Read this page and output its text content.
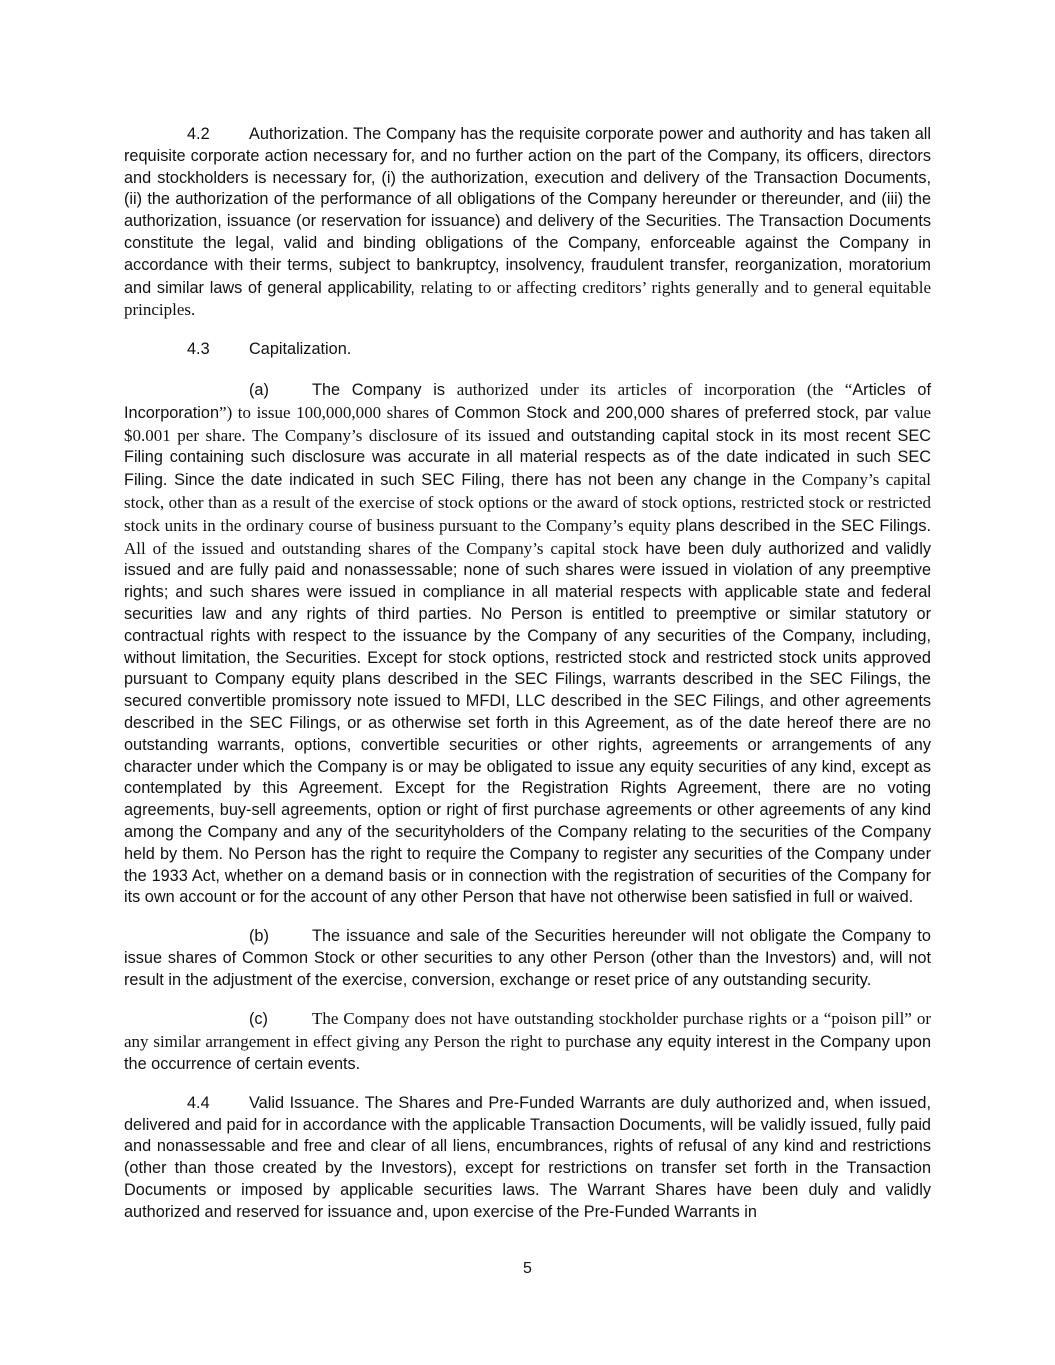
4.2 Authorization. The Company has the requisite corporate power and authority and has taken all requisite corporate action necessary for, and no further action on the part of the Company, its officers, directors and stockholders is necessary for, (i) the authorization, execution and delivery of the Transaction Documents, (ii) the authorization of the performance of all obligations of the Company hereunder or thereunder, and (iii) the authorization, issuance (or reservation for issuance) and delivery of the Securities. The Transaction Documents constitute the legal, valid and binding obligations of the Company, enforceable against the Company in accordance with their terms, subject to bankruptcy, insolvency, fraudulent transfer, reorganization, moratorium and similar laws of general applicability, relating to or affecting creditors’ rights generally and to general equitable principles.

4.3 Capitalization.

(a)	The Company is authorized under its articles of incorporation (the “Articles of Incorporation”) to issue 100,000,000 shares of Common Stock and 200,000 shares of preferred stock, par value $0.001 per share. The Company’s disclosure of its issued and outstanding capital stock in its most recent SEC Filing containing such disclosure was accurate in all material respects as of the date indicated in such SEC Filing. Since the date indicated in such SEC Filing, there has not been any change in the Company’s capital stock, other than as a result of the exercise of stock options or the award of stock options, restricted stock or restricted stock units in the ordinary course of business pursuant to the Company’s equity plans described in the SEC Filings. All of the issued and outstanding shares of the Company’s capital stock have been duly authorized and validly issued and are fully paid and nonassessable; none of such shares were issued in violation of any preemptive rights; and such shares were issued in compliance in all material respects with applicable state and federal securities law and any rights of third parties. No Person is entitled to preemptive or similar statutory or contractual rights with respect to the issuance by the Company of any securities of the Company, including, without limitation, the Securities. Except for stock options, restricted stock and restricted stock units approved pursuant to Company equity plans described in the SEC Filings, warrants described in the SEC Filings, the secured convertible promissory note issued to MFDI, LLC described in the SEC Filings, and other agreements described in the SEC Filings, or as otherwise set forth in this Agreement, as of the date hereof there are no outstanding warrants, options, convertible securities or other rights, agreements or arrangements of any character under which the Company is or may be obligated to issue any equity securities of any kind, except as contemplated by this Agreement. Except for the Registration Rights Agreement, there are no voting agreements, buy-sell agreements, option or right of first purchase agreements or other agreements of any kind among the Company and any of the securityholders of the Company relating to the securities of the Company held by them. No Person has the right to require the Company to register any securities of the Company under the 1933 Act, whether on a demand basis or in connection with the registration of securities of the Company for its own account or for the account of any other Person that have not otherwise been satisfied in full or waived.

(b)	The issuance and sale of the Securities hereunder will not obligate the Company to issue shares of Common Stock or other securities to any other Person (other than the Investors) and, will not result in the adjustment of the exercise, conversion, exchange or reset price of any outstanding security.

(c)	The Company does not have outstanding stockholder purchase rights or a “poison pill” or any similar arrangement in effect giving any Person the right to purchase any equity interest in the Company upon the occurrence of certain events.

4.4 Valid Issuance. The Shares and Pre-Funded Warrants are duly authorized and, when issued, delivered and paid for in accordance with the applicable Transaction Documents, will be validly issued, fully paid and nonassessable and free and clear of all liens, encumbrances, rights of refusal of any kind and restrictions (other than those created by the Investors), except for restrictions on transfer set forth in the Transaction Documents or imposed by applicable securities laws. The Warrant Shares have been duly and validly authorized and reserved for issuance and, upon exercise of the Pre-Funded Warrants in

5
